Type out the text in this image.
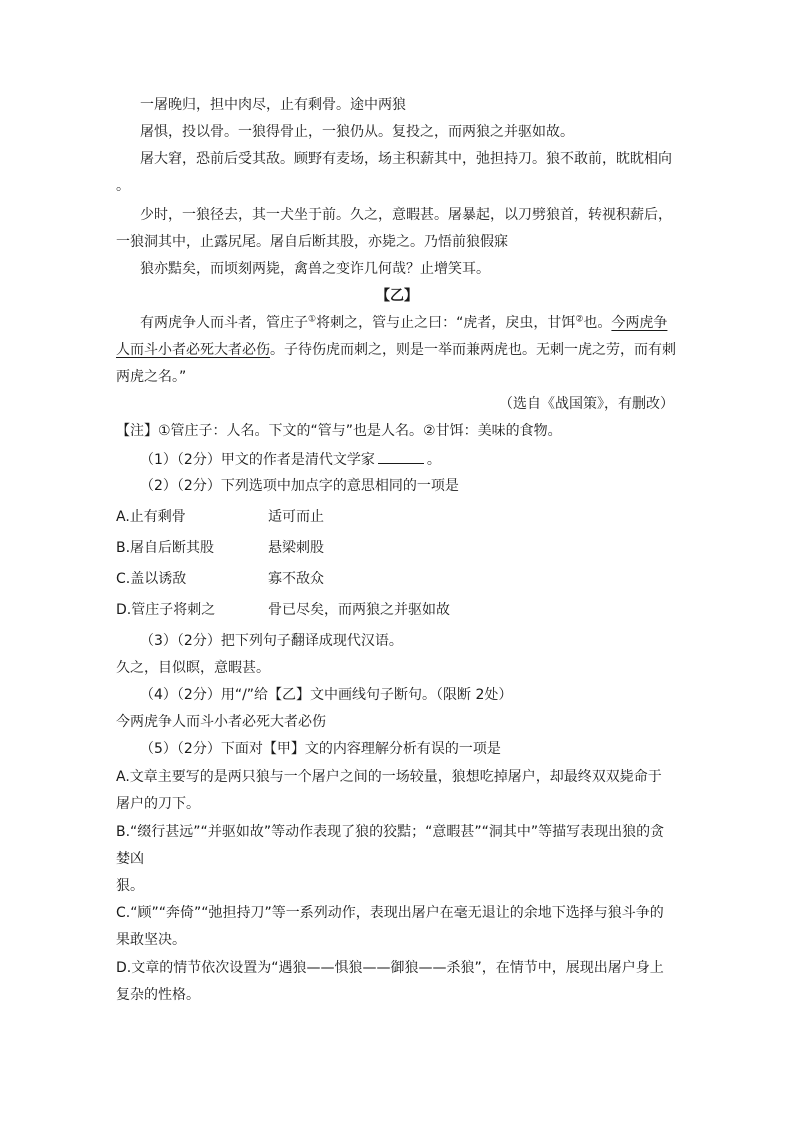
一屠晚归，担中肉尽，止有剩骨。途中两狼
屠惧，投以骨。一狼得骨止，一狼仍从。复投之，而两狼之并驱如故。
屠大窘，恐前后受其敌。顾野有麦场，场主积薪其中，弛担持刀。狼不敢前，眈眈相向
。
少时，一狼径去，其一犬坐于前。久之，意暇甚。屠暴起，以刀劈狼首，转视积薪后，
一狼洞其中，止露尻尾。屠自后断其股，亦毙之。乃悟前狼假寐
狼亦黠矣，而顷刻两毙，禽兽之变诈几何哉？止增笑耳。
【乙】
有两虎争人而斗者，管庄子①将刺之，管与止之曰：“虎者，戾虫，甘饵②也。今两虎争
人而斗小者必死大者必伤。子待伤虎而刺之，则是一举而兼两虎也。无刺一虎之劳，而有刺
两虎之名。”
（选自《战国策》，有删改）
【注】①管庄子：人名。下文的“管与”也是人名。②甘饵：美味的食物。
（1）（2分）甲文的作者是清代文学家	。
（2）（2分）下列选项中加点字的意思相同的一项是
A.止有剩骨	适可而止
B.屠自后断其股	悬梁刺股
C.盖以诱敌	寡不敌众
D.管庄子将刺之	骨已尽矣，而两狼之并驱如故
（3）（2分）把下列句子翻译成现代汉语。
久之，目似瞑，意暇甚。
（4）（2分）用“/”给【乙】文中画线句子断句。（限断 2处）
今两虎争人而斗小者必死大者必伤
（5）（2分）下面对【甲】文的内容理解分析有误的一项是
A.文章主要写的是两只狼与一个屠户之间的一场较量，狼想吃掉屠户，却最终双双毙命于
屠户的刀下。
B.“缀行甚远”“并驱如故”等动作表现了狼的狡黠；“意暇甚”“洞其中”等描写表现出狼的贪
婪凶
狠。
C.“顾”“奔倚”“弛担持刀”等一系列动作，表现出屠户在毫无退让的余地下选择与狼斗争的
果敢坚决。
D.文章的情节依次设置为“遇狼——惧狼——御狼——杀狼”，在情节中，展现出屠户身上
复杂的性格。
